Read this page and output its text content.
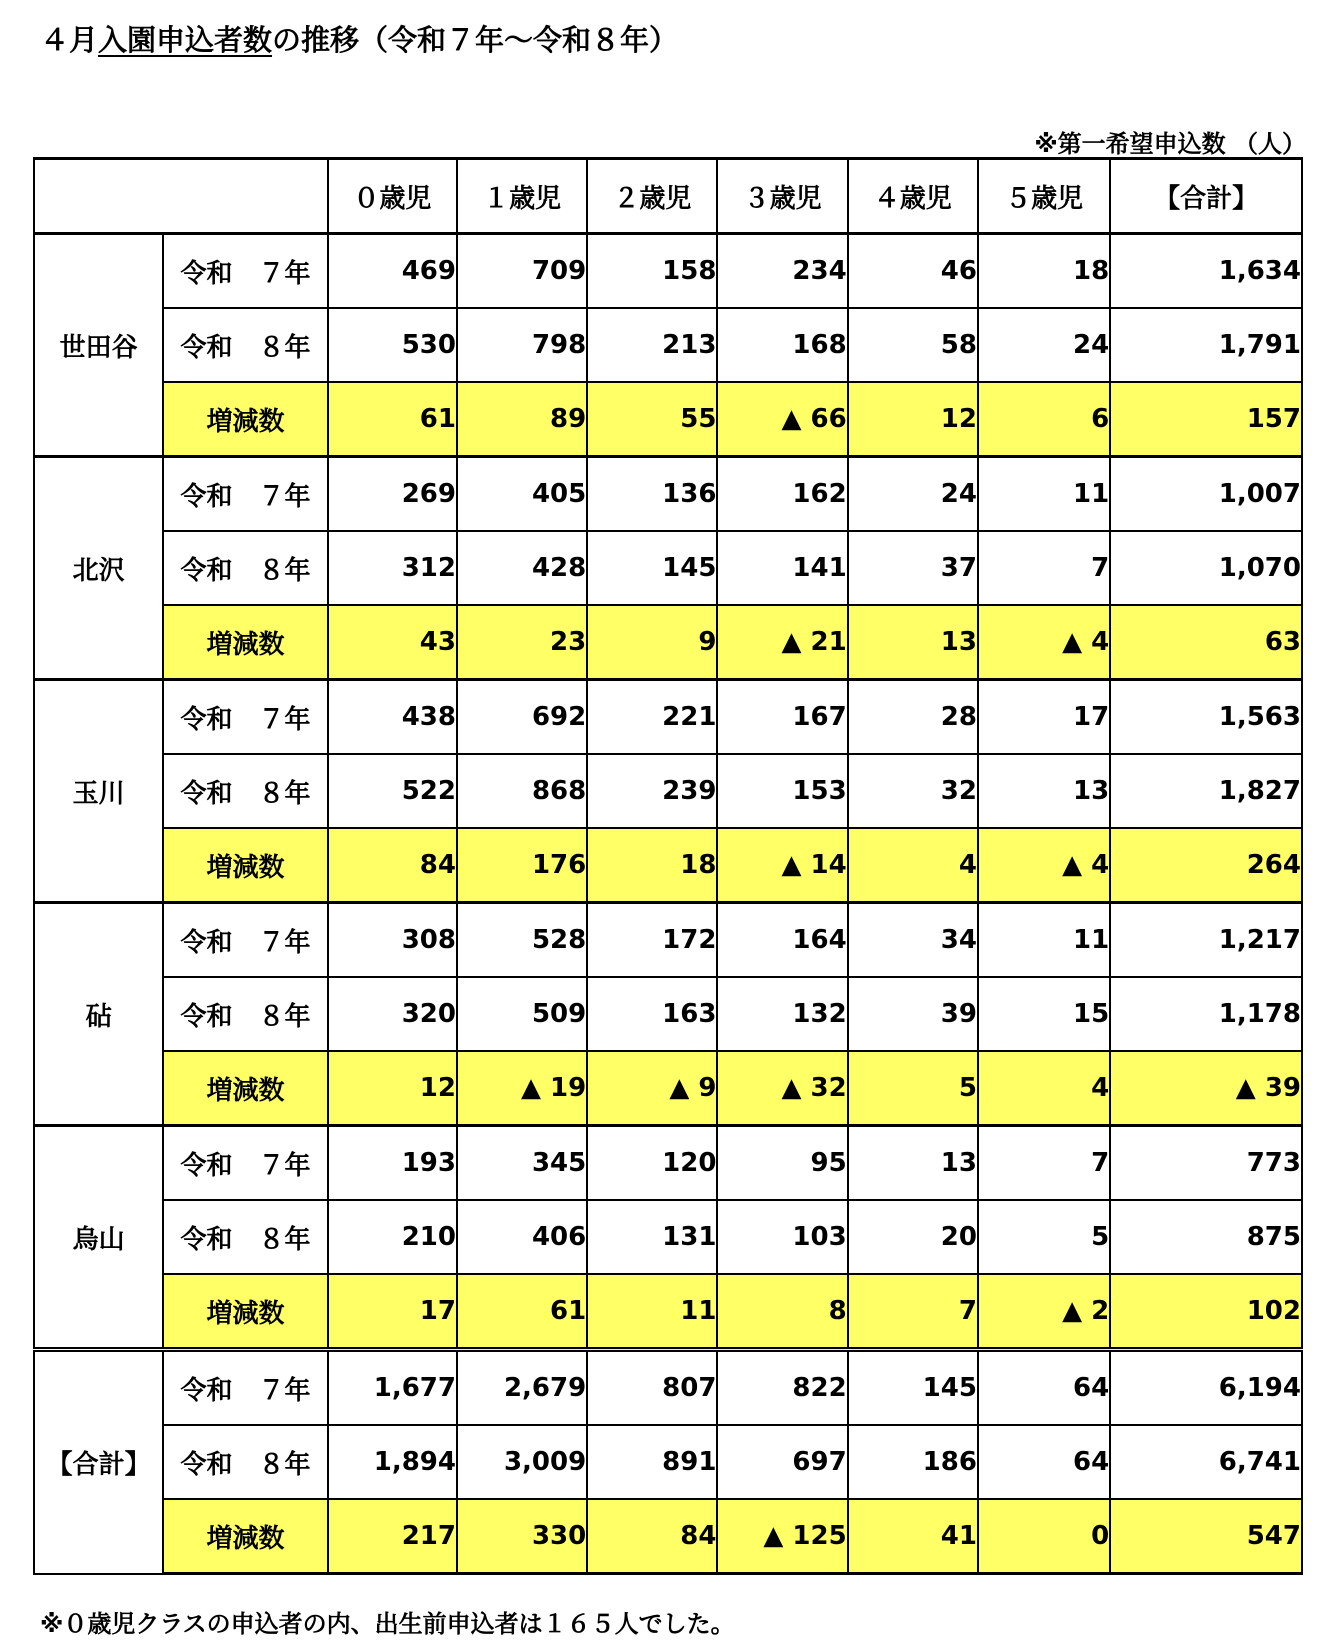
４月入園申込者数の推移（令和７年～令和８年）
※第一希望申込数 （人）
		０歳児	１歳児	２歳児	３歳児	４歳児	５歳児	【合計】
世田谷	令和　７年	469	709	158	234	46	18	1,634
	令和　８年	530	798	213	168	58	24	1,791
	増減数	61	89	55	▲ 66	12	6	157
北沢	令和　７年	269	405	136	162	24	11	1,007
	令和　８年	312	428	145	141	37	7	1,070
	増減数	43	23	9	▲ 21	13	▲ 4	63
玉川	令和　７年	438	692	221	167	28	17	1,563
	令和　８年	522	868	239	153	32	13	1,827
	増減数	84	176	18	▲ 14	4	▲ 4	264
砧	令和　７年	308	528	172	164	34	11	1,217
	令和　８年	320	509	163	132	39	15	1,178
	増減数	12	▲ 19	▲ 9	▲ 32	5	4	▲ 39
烏山	令和　７年	193	345	120	95	13	7	773
	令和　８年	210	406	131	103	20	5	875
	増減数	17	61	11	8	7	▲ 2	102
【合計】	令和　７年	1,677	2,679	807	822	145	64	6,194
	令和　８年	1,894	3,009	891	697	186	64	6,741
	増減数	217	330	84	▲ 125	41	0	547
※０歳児クラスの申込者の内、出生前申込者は１６５人でした。
